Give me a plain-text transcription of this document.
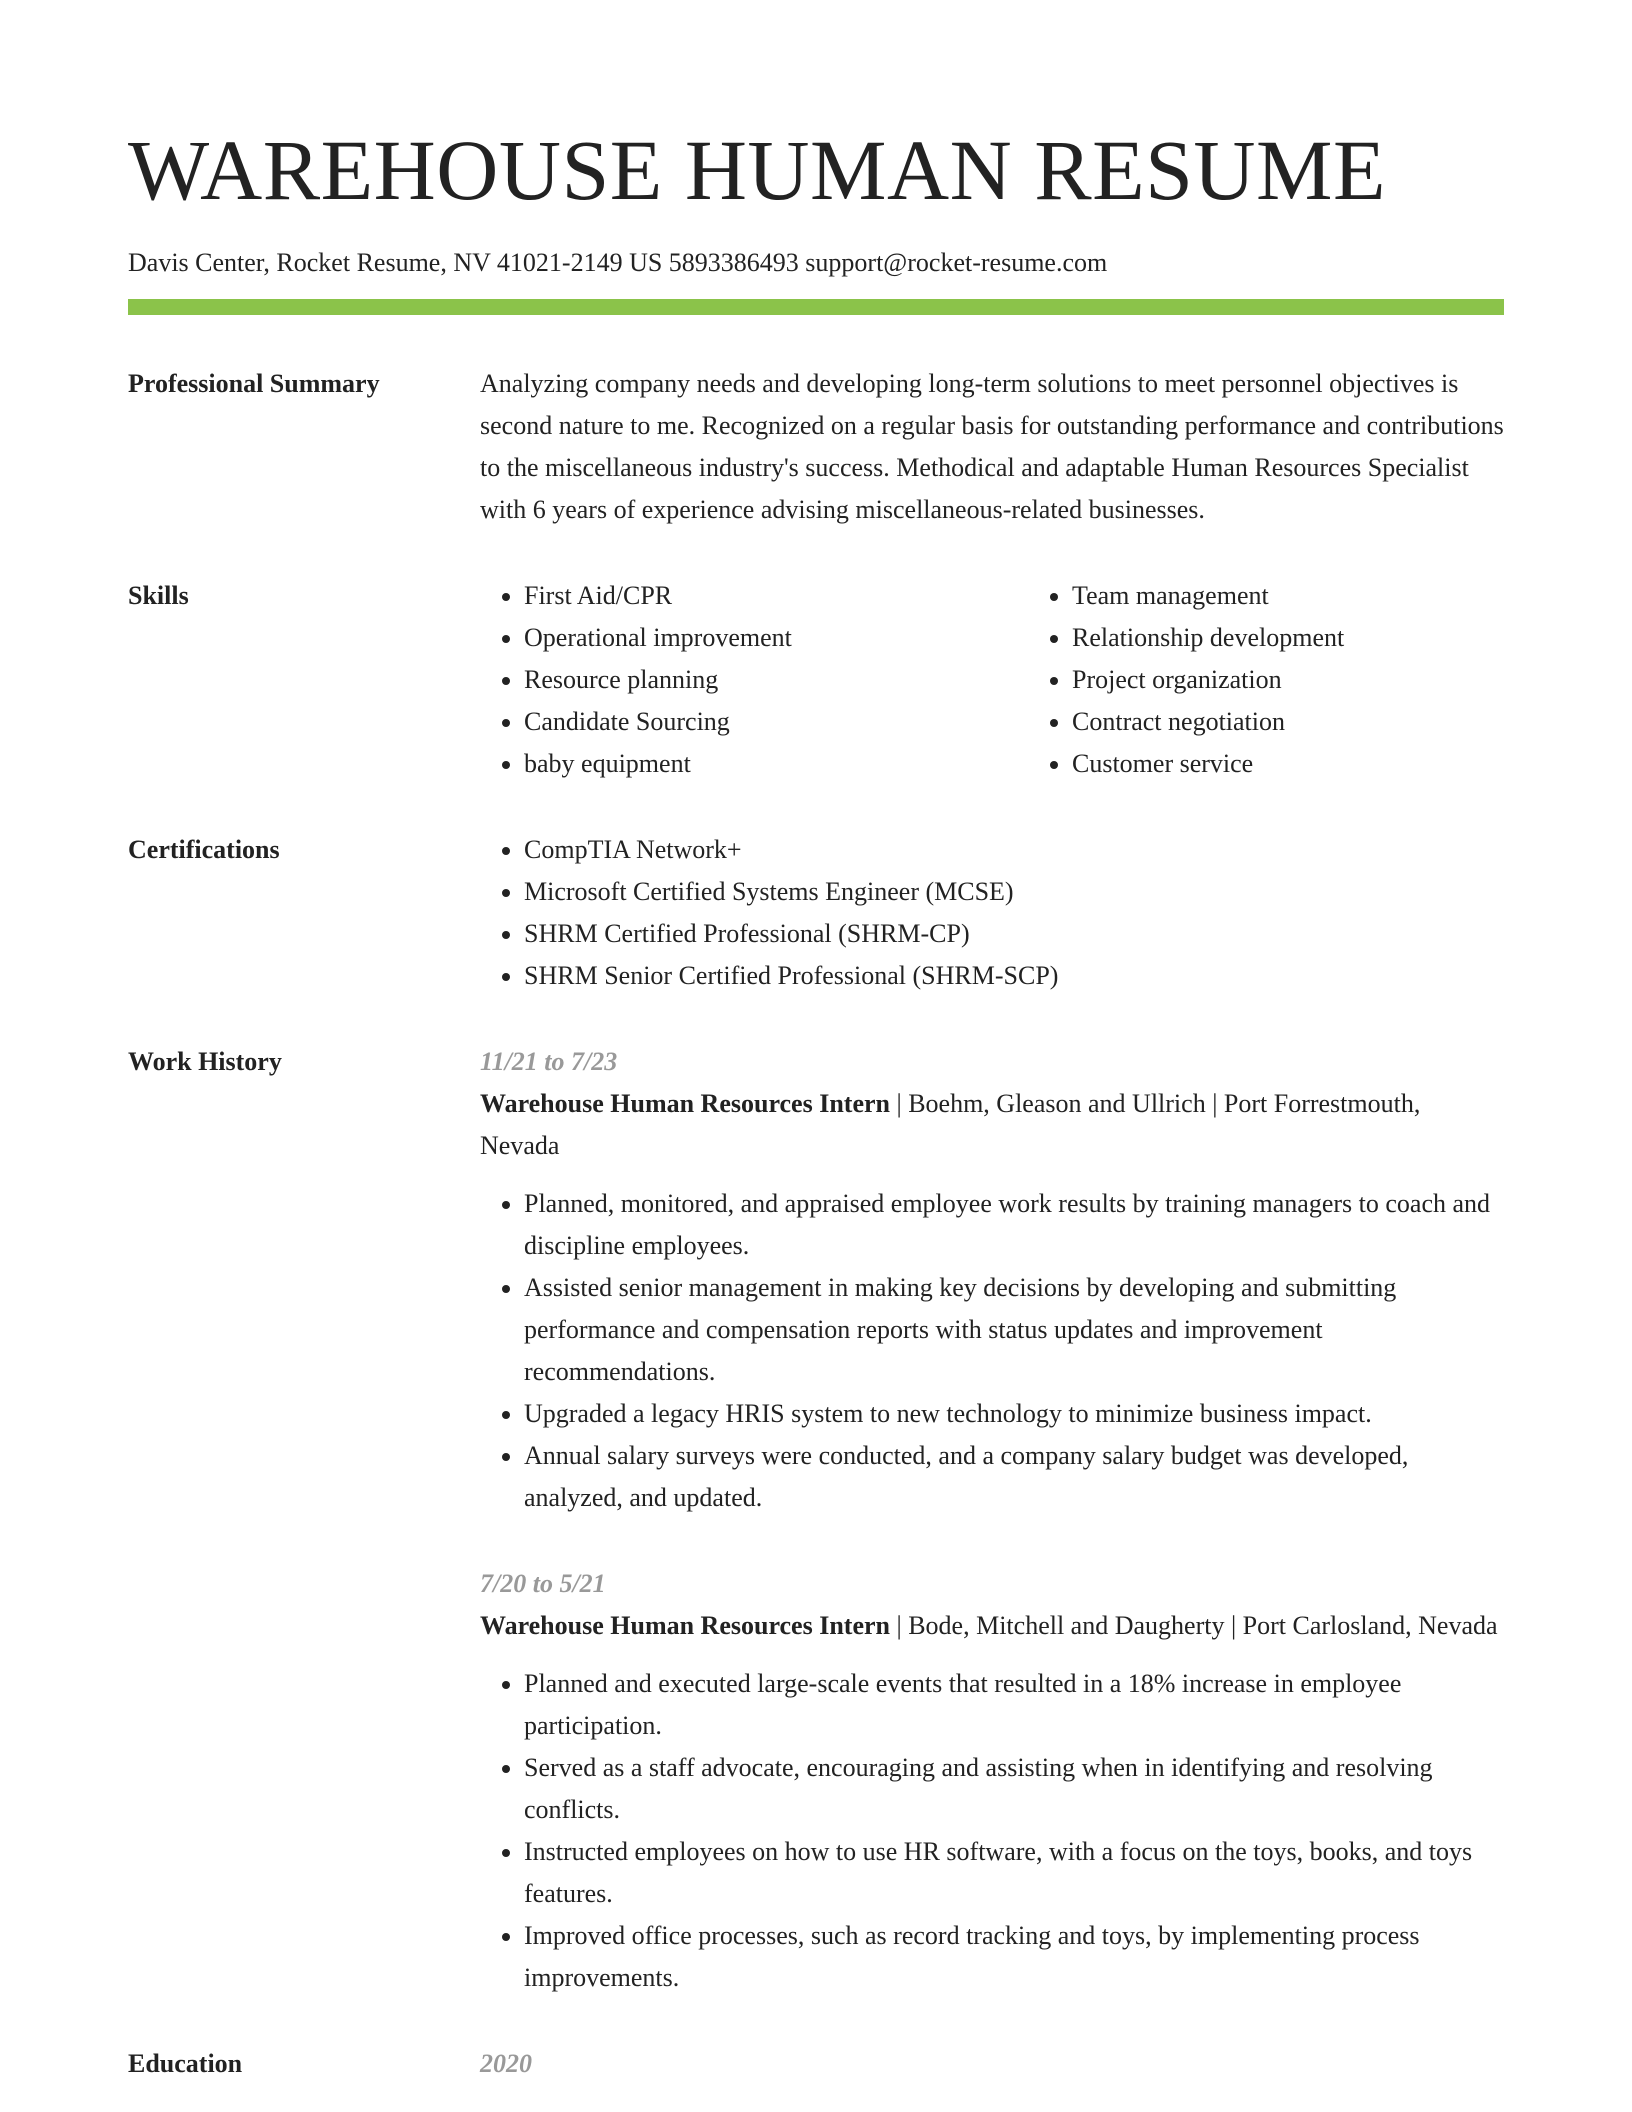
WAREHOUSE HUMAN RESUME
Davis Center, Rocket Resume, NV 41021-2149 US 5893386493 support@rocket-resume.com
Professional Summary	Analyzing company needs and developing long-term solutions to meet personnel objectives is second nature to me. Recognized on a regular basis for outstanding performance and contributions to the miscellaneous industry's success. Methodical and adaptable Human Resources Specialist with 6 years of experience advising miscellaneous-related businesses.

Skills	• First Aid/CPR
• Operational improvement
• Resource planning
• Candidate Sourcing
• baby equipment
• Team management
• Relationship development
• Project organization
• Contract negotiation
• Customer service
Certifications	• CompTIA Network+
• Microsoft Certified Systems Engineer (MCSE)
• SHRM Certified Professional (SHRM-CP)
• SHRM Senior Certified Professional (SHRM-SCP)
Work History	11/21 to 7/23
Warehouse Human Resources Intern | Boehm, Gleason and Ullrich | Port Forrestmouth, Nevada
• Planned, monitored, and appraised employee work results by training managers to coach and discipline employees.
• Assisted senior management in making key decisions by developing and submitting performance and compensation reports with status updates and improvement recommendations.
• Upgraded a legacy HRIS system to new technology to minimize business impact.
• Annual salary surveys were conducted, and a company salary budget was developed, analyzed, and updated.
7/20 to 5/21
Warehouse Human Resources Intern | Bode, Mitchell and Daugherty | Port Carlosland, Nevada
• Planned and executed large-scale events that resulted in a 18% increase in employee participation.
• Served as a staff advocate, encouraging and assisting when in identifying and resolving conflicts.
• Instructed employees on how to use HR software, with a focus on the toys, books, and toys features.
• Improved office processes, such as record tracking and toys, by implementing process improvements.
Education	2020
